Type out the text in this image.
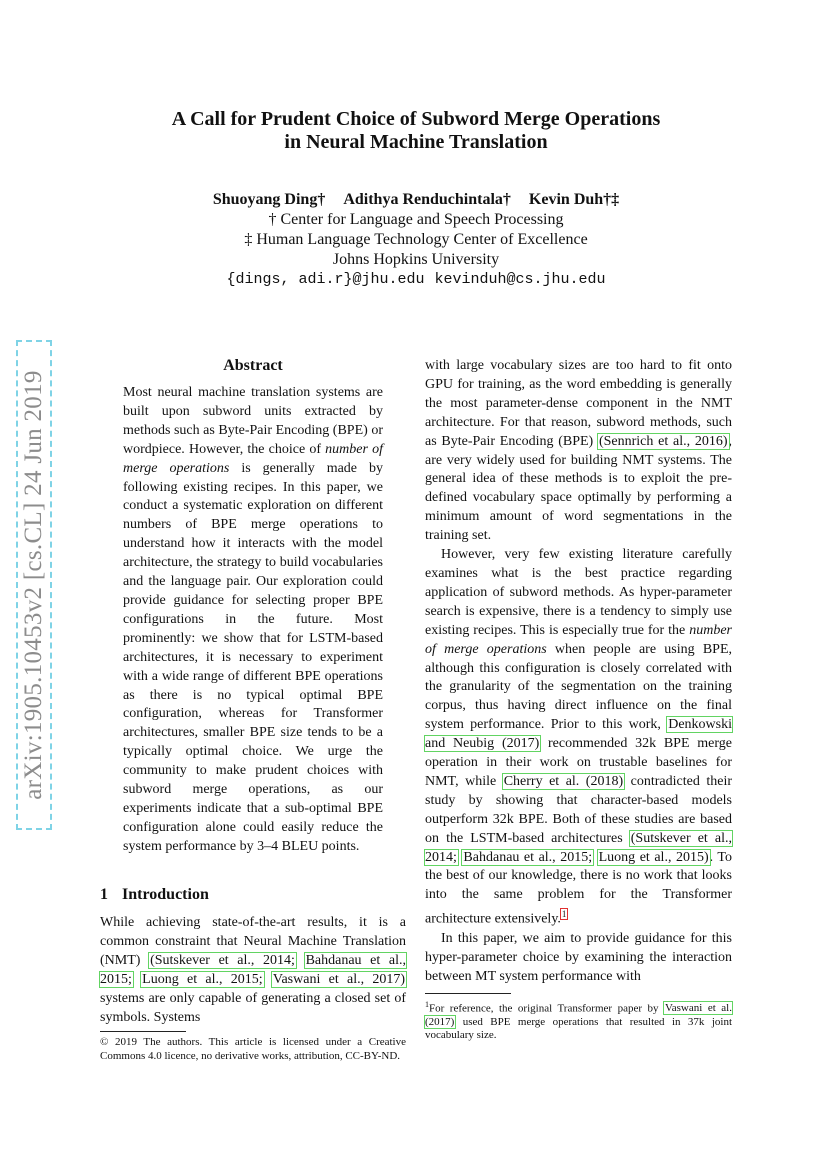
arXiv:1905.10453v2 [cs.CL] 24 Jun 2019
A Call for Prudent Choice of Subword Merge Operations
in Neural Machine Translation
Shuoyang Ding† Adithya Renduchintala† Kevin Duh†‡
† Center for Language and Speech Processing
‡ Human Language Technology Center of Excellence
Johns Hopkins University
{dings, adi.r}@jhu.edu kevinduh@cs.jhu.edu
Abstract
Most neural machine translation systems are built upon subword units extracted by methods such as Byte-Pair Encoding (BPE) or wordpiece. However, the choice of number of merge operations is generally made by following existing recipes. In this paper, we conduct a systematic exploration on different numbers of BPE merge operations to understand how it interacts with the model architecture, the strategy to build vocabularies and the language pair. Our exploration could provide guidance for selecting proper BPE configurations in the future. Most prominently: we show that for LSTM-based architectures, it is necessary to experiment with a wide range of different BPE operations as there is no typical optimal BPE configuration, whereas for Transformer architectures, smaller BPE size tends to be a typically optimal choice. We urge the community to make prudent choices with subword merge operations, as our experiments indicate that a sub-optimal BPE configuration alone could easily reduce the system performance by 3–4 BLEU points.
1 Introduction

While achieving state-of-the-art results, it is a common constraint that Neural Machine Translation (NMT) (Sutskever et al., 2014; Bahdanau et al., 2015; Luong et al., 2015; Vaswani et al., 2017) systems are only capable of generating a closed set of symbols. Systems

© 2019 The authors. This article is licensed under a Creative Commons 4.0 licence, no derivative works, attribution, CC-BY-ND.

with large vocabulary sizes are too hard to fit onto GPU for training, as the word embedding is generally the most parameter-dense component in the NMT architecture. For that reason, subword methods, such as Byte-Pair Encoding (BPE) (Sennrich et al., 2016), are very widely used for building NMT systems. The general idea of these methods is to exploit the pre-defined vocabulary space optimally by performing a minimum amount of word segmentations in the training set.

However, very few existing literature carefully examines what is the best practice regarding application of subword methods. As hyper-parameter search is expensive, there is a tendency to simply use existing recipes. This is especially true for the number of merge operations when people are using BPE, although this configuration is closely correlated with the granularity of the segmentation on the training corpus, thus having direct influence on the final system performance. Prior to this work, Denkowski and Neubig (2017) recommended 32k BPE merge operation in their work on trustable baselines for NMT, while Cherry et al. (2018) contradicted their study by showing that character-based models outperform 32k BPE. Both of these studies are based on the LSTM-based architectures (Sutskever et al., 2014; Bahdanau et al., 2015; Luong et al., 2015). To the best of our knowledge, there is no work that looks into the same problem for the Transformer architecture extensively.$^1$

In this paper, we aim to provide guidance for this hyper-parameter choice by examining the interaction between MT system performance with

$^1$For reference, the original Transformer paper by Vaswani et al. (2017) used BPE merge operations that resulted in 37k joint vocabulary size.
